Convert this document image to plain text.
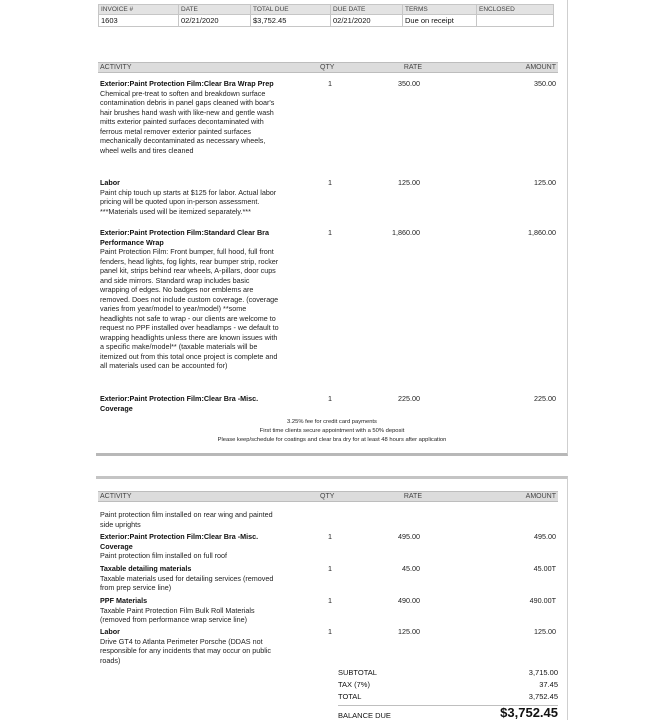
INVOICE #	DATE	TOTAL DUE	DUE DATE	TERMS	ENCLOSED
1603	02/21/2020	$3,752.45	02/21/2020	Due on receipt	
ACTIVITY	QTY	RATE	AMOUNT
Exterior:Paint Protection Film:Clear Bra Wrap Prep
Chemical pre-treat to soften and breakdown surface contamination debris in panel gaps cleaned with boar's hair brushes hand wash with like-new and gentle wash mitts exterior painted surfaces decontaminated with ferrous metal remover exterior painted surfaces mechanically decontaminated as necessary wheels, wheel wells and tires cleaned
1	350.00	350.00
Labor
Paint chip touch up starts at $125 for labor. Actual labor pricing will be quoted upon in-person assessment. ***Materials used will be itemized separately.***
1	125.00	125.00
Exterior:Paint Protection Film:Standard Clear Bra Performance Wrap
Paint Protection Film: Front bumper, full hood, full front fenders, head lights, fog lights, rear bumper strip, rocker panel kit, strips behind rear wheels, A-pillars, door cups and side mirrors. Standard wrap includes basic wrapping of edges. No badges nor emblems are removed. Does not include custom coverage. (coverage varies from year/model to year/model) **some headlights not safe to wrap - our clients are welcome to request no PPF installed over headlamps - we default to wrapping headlights unless there are known issues with a specific make/model** (taxable materials will be itemized out from this total once project is complete and all materials used can be accounted for)
1	1,860.00	1,860.00
Exterior:Paint Protection Film:Clear Bra -Misc. Coverage
1	225.00	225.00
3.25% fee for credit card payments
First time clients secure appointment with a 50% deposit
Please keep/schedule for coatings and clear bra dry for at least 48 hours after application
ACTIVITY	QTY	RATE	AMOUNT
Paint protection film installed on rear wing and painted side uprights
Exterior:Paint Protection Film:Clear Bra -Misc. Coverage
Paint protection film installed on full roof
1	495.00	495.00
Taxable detailing materials
Taxable materials used for detailing services (removed from prep service line)
1	45.00	45.00T
PPF Materials
Taxable Paint Protection Film Bulk Roll Materials (removed from performance wrap service line)
1	490.00	490.00T
Labor
Drive GT4 to Atlanta Perimeter Porsche (DDAS not responsible for any incidents that may occur on public roads)
1	125.00	125.00
SUBTOTAL	3,715.00
TAX (7%)	37.45
TOTAL	3,752.45
BALANCE DUE	$3,752.45
